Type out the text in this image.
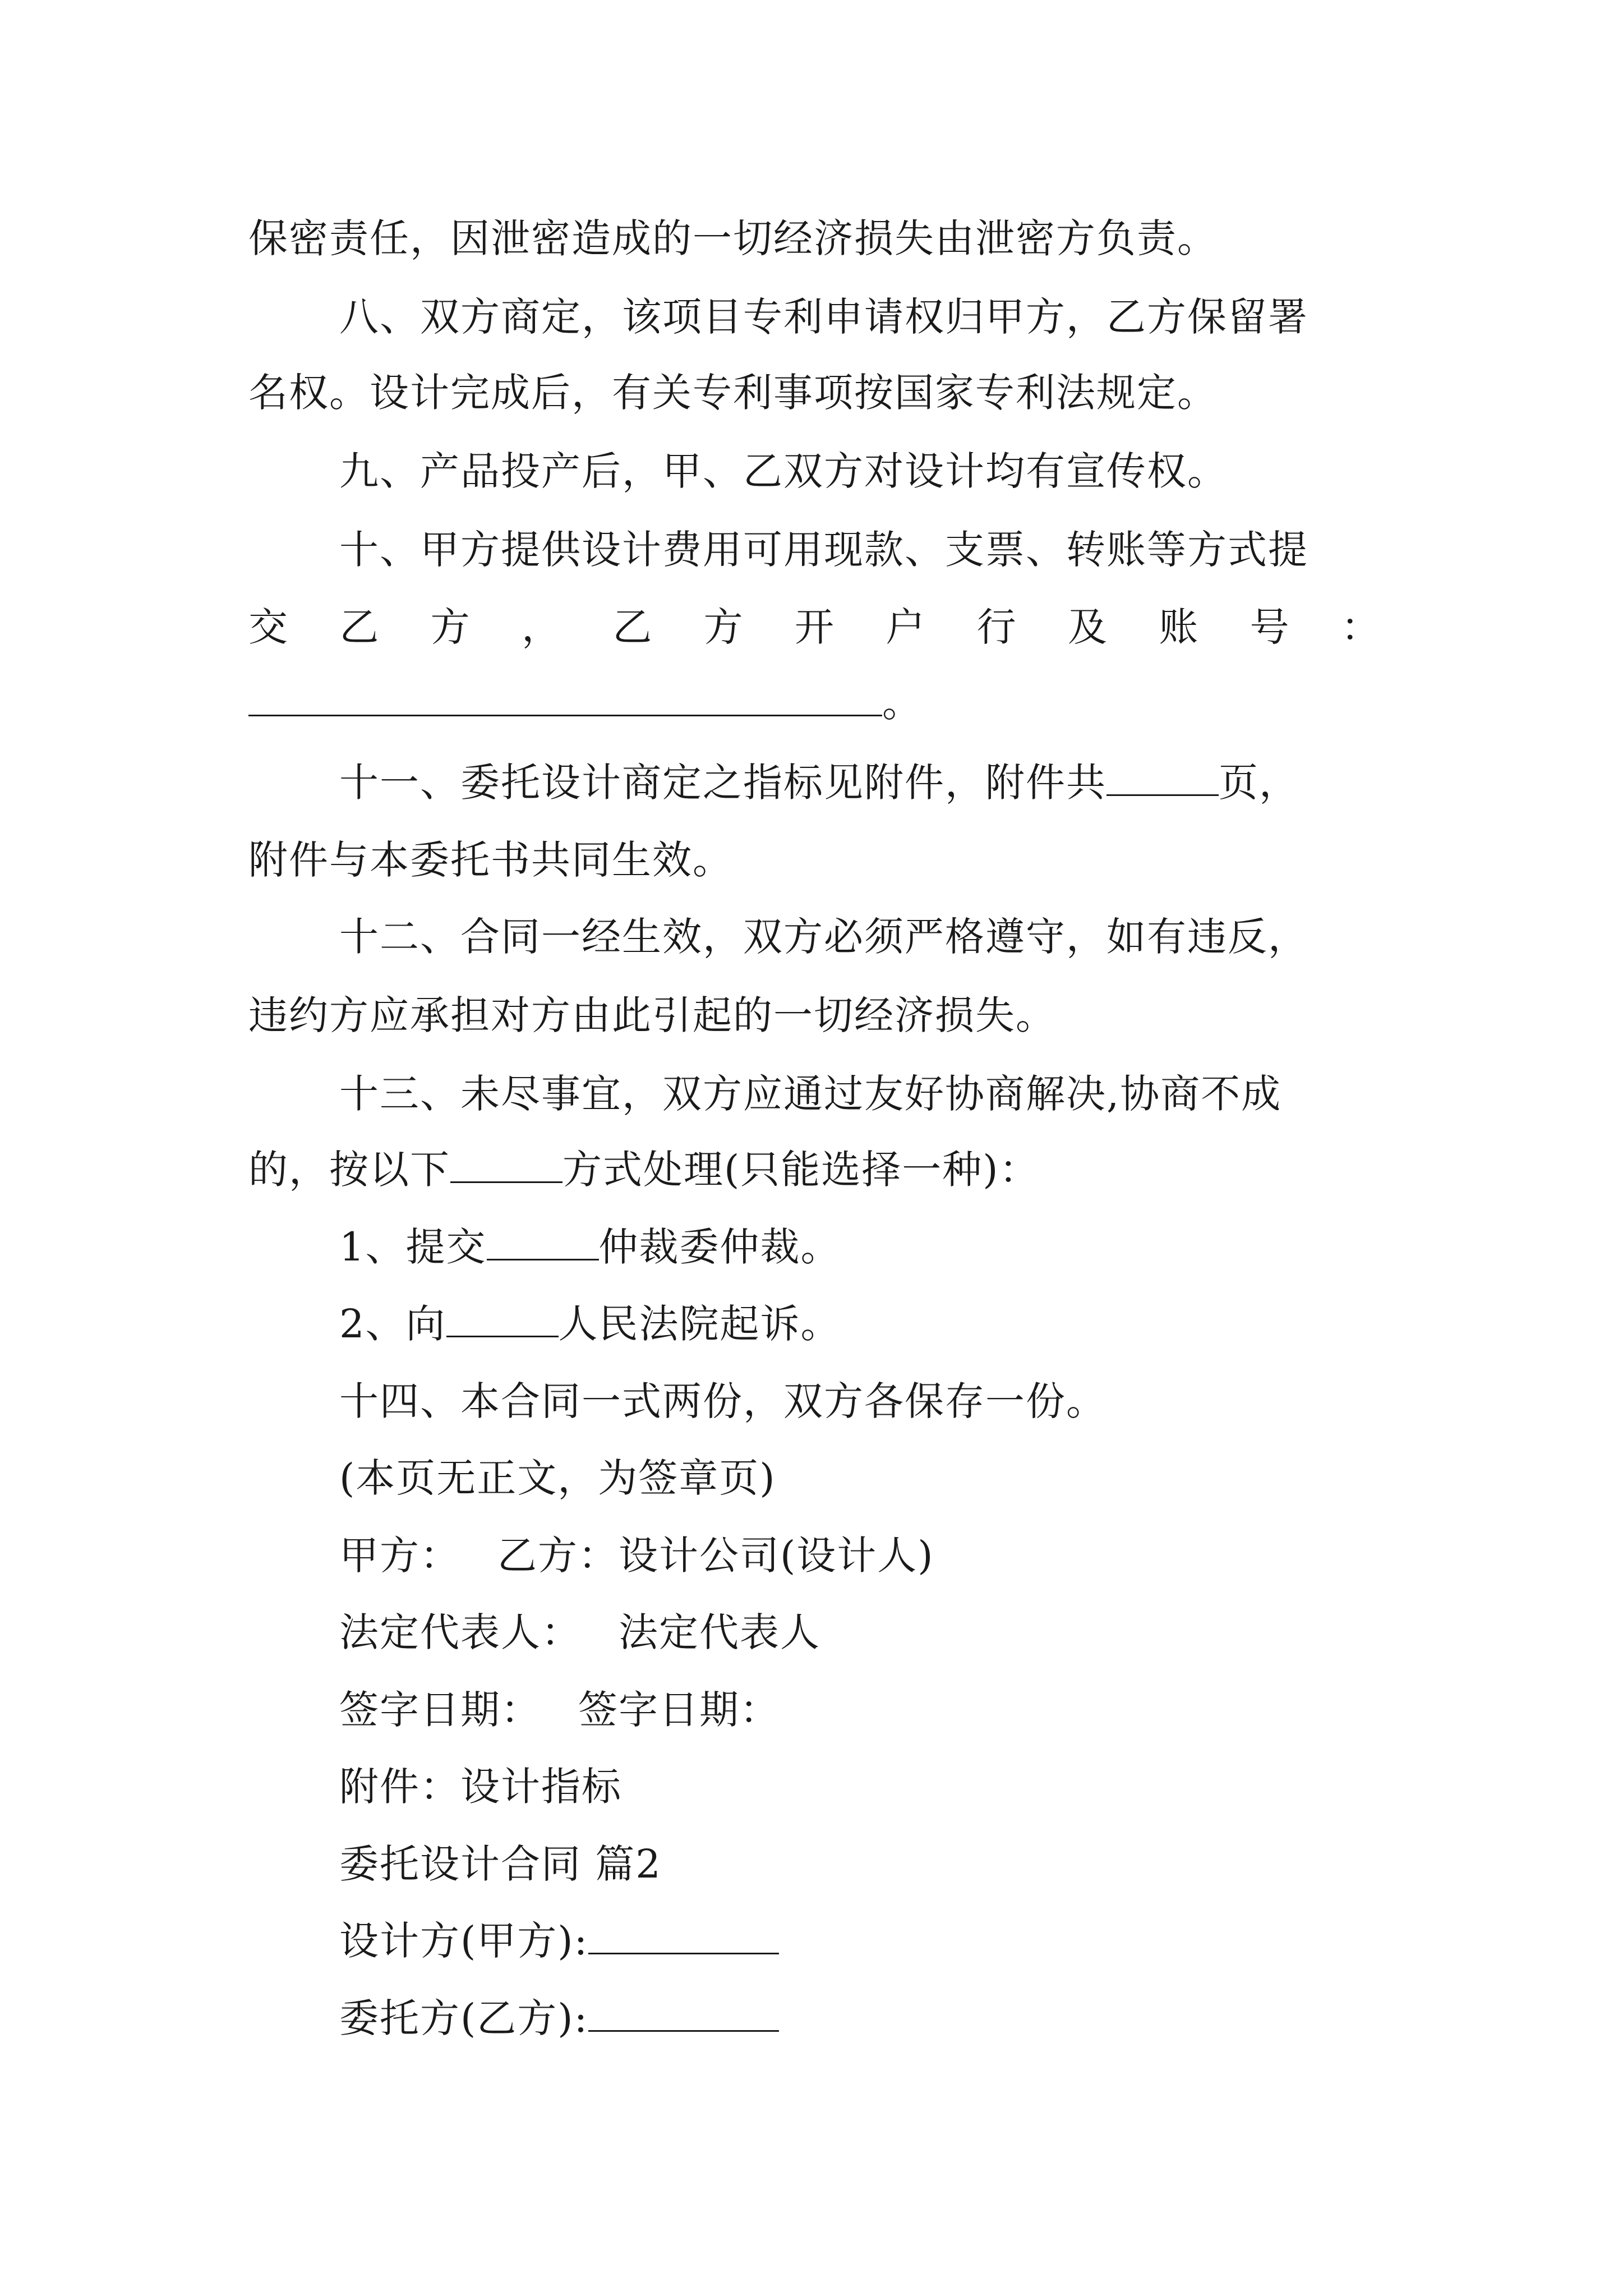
保密责任，因泄密造成的一切经济损失由泄密方负责。
八、双方商定，该项目专利申请权归甲方，乙方保留署
名权。设计完成后，有关专利事项按国家专利法规定。
九、产品投产后，甲、乙双方对设计均有宣传权。
十、甲方提供设计费用可用现款、支票、转账等方式提
交 乙 方 ， 乙 方 开 户 行 及 账 号 ：
。
十一、委托设计商定之指标见附件，附件共	页，
附件与本委托书共同生效。
十二、合同一经生效，双方必须严格遵守，如有违反，
违约方应承担对方由此引起的一切经济损失。
十三、未尽事宜，双方应通过友好协商解决,协商不成
的，按以下	方式处理(只能选择一种)：
1、提交	仲裁委仲裁。
2、向	人民法院起诉。
十四、本合同一式两份，双方各保存一份。
(本页无正文，为签章页)
甲方： 乙方：设计公司(设计人)
法定代表人： 法定代表人
签字日期： 签字日期：
附件：设计指标
委托设计合同 篇2
设计方(甲方):
委托方(乙方):
